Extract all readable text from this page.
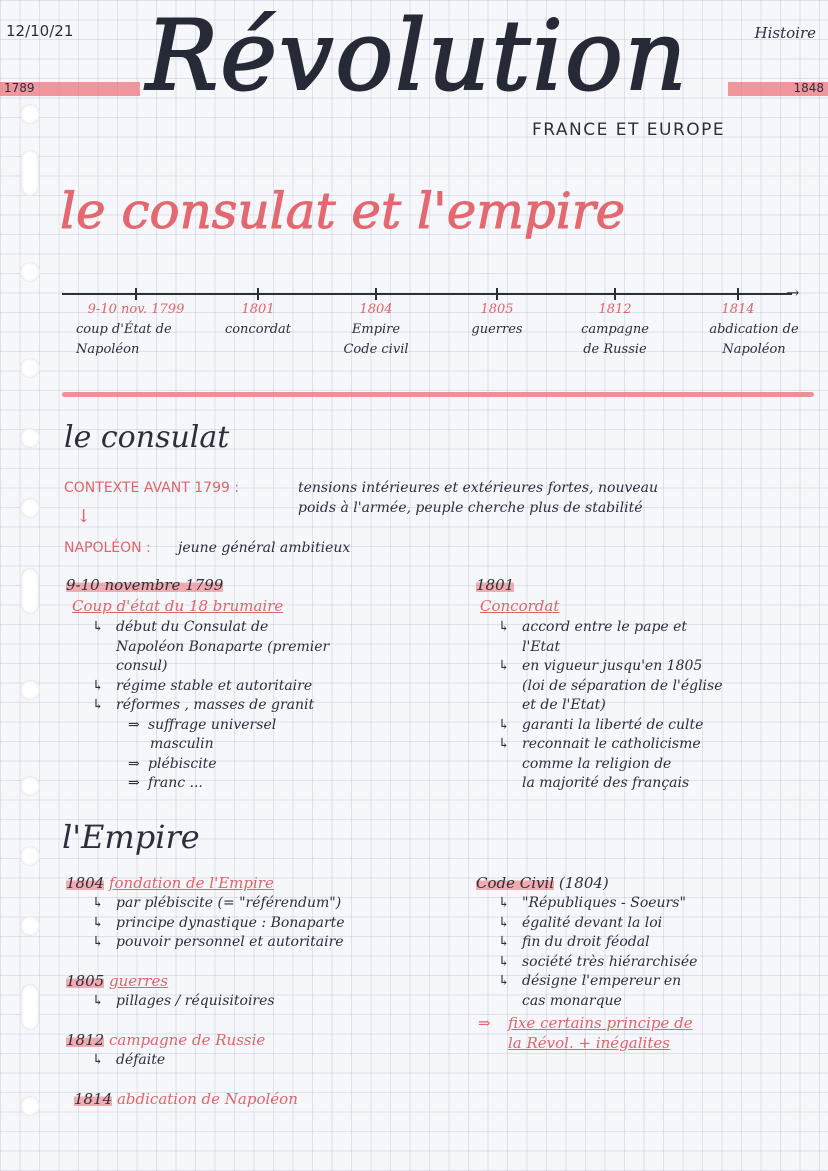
12/10/21	Histoire
1789	1848
Révolution
FRANCE ET EUROPE
le consulat et l'empire
→
9-10 nov. 1799
coup d'État de
Napoléon
1801
concordat
1804
Empire
Code civil
1805
guerres
1812
campagne
de Russie
1814
abdication de
Napoléon
le consulat
CONTEXTE AVANT 1799 :	tensions intérieures et extérieures fortes, nouveau
poids à l'armée, peuple cherche plus de stabilité
↓
NAPOLÉON : jeune général ambitieux
9-10 novembre 1799
Coup d'état du 18 brumaire
↳ début du Consulat de
Napoléon Bonaparte (premier
consul)
↳ régime stable et autoritaire
↳ réformes , masses de granit
⇒ suffrage universel
masculin
⇒ plébiscite
⇒ franc ...
1801
Concordat
↳ accord entre le pape et
l'Etat
↳ en vigueur jusqu'en 1805
(loi de séparation de l'église
et de l'Etat)
↳ garanti la liberté de culte
↳ reconnait le catholicisme
comme la religion de
la majorité des français
l'Empire
1804 fondation de l'Empire
↳ par plébiscite (= "référendum")
↳ principe dynastique : Bonaparte
↳ pouvoir personnel et autoritaire
1805 guerres
↳ pillages / réquisitoires
1812 campagne de Russie
↳ défaite
1814 abdication de Napoléon
Code Civil (1804)
↳ "Républiques - Soeurs"
↳ égalité devant la loi
↳ fin du droit féodal
↳ société très hiérarchisée
↳ désigne l'empereur en
cas monarque
⇒ fixe certains principe de
la Révol. + inégalites
